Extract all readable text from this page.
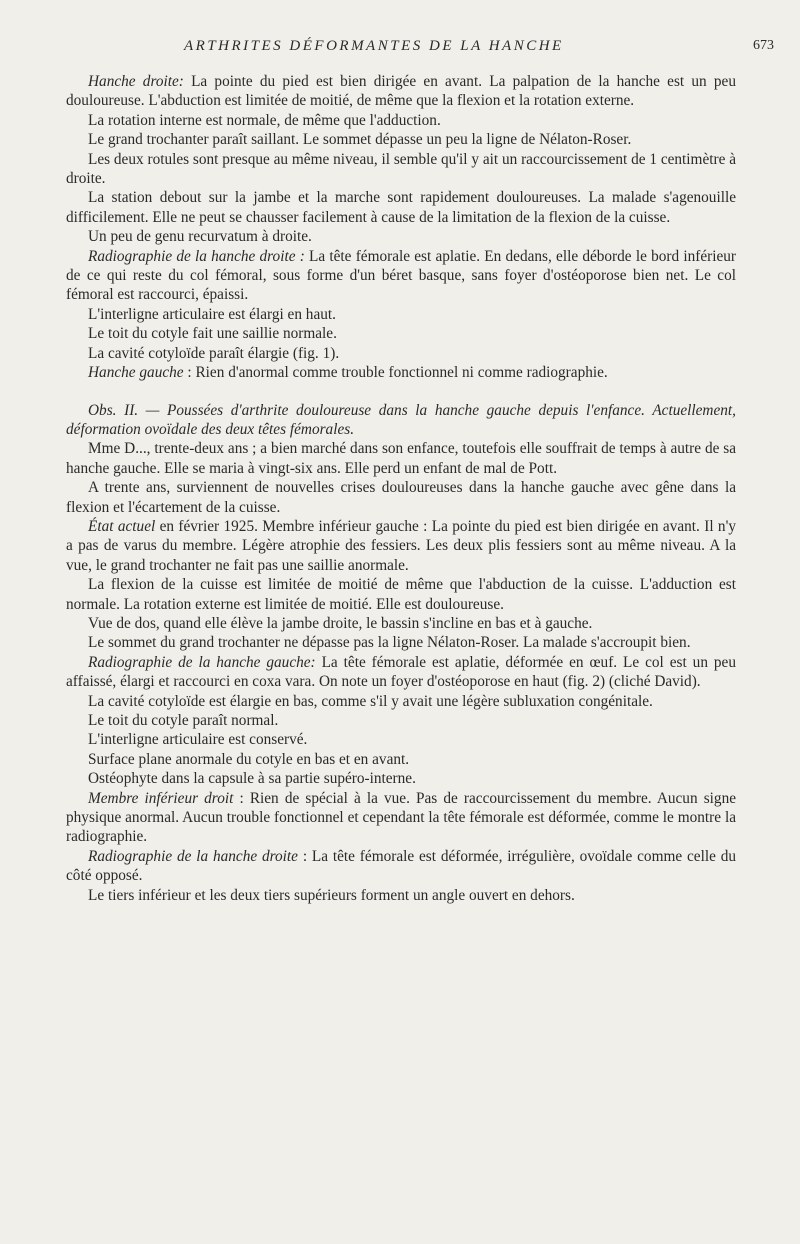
ARTHRITES DÉFORMANTES DE LA HANCHE	673

Hanche droite: La pointe du pied est bien dirigée en avant. La palpation de la hanche est un peu douloureuse. L'abduction est limitée de moitié, de même que la flexion et la rotation externe.

La rotation interne est normale, de même que l'adduction.

Le grand trochanter paraît saillant. Le sommet dépasse un peu la ligne de Nélaton-Roser.

Les deux rotules sont presque au même niveau, il semble qu'il y ait un raccourcissement de 1 centimètre à droite.

La station debout sur la jambe et la marche sont rapidement douloureuses. La malade s'agenouille difficilement. Elle ne peut se chausser facilement à cause de la limitation de la flexion de la cuisse.

Un peu de genu recurvatum à droite.

Radiographie de la hanche droite : La tête fémorale est aplatie. En dedans, elle déborde le bord inférieur de ce qui reste du col fémoral, sous forme d'un béret basque, sans foyer d'ostéoporose bien net. Le col fémoral est raccourci, épaissi.

L'interligne articulaire est élargi en haut.

Le toit du cotyle fait une saillie normale.

La cavité cotyloïde paraît élargie (fig. 1).

Hanche gauche : Rien d'anormal comme trouble fonctionnel ni comme radiographie.

Obs. II. — Poussées d'arthrite douloureuse dans la hanche gauche depuis l'enfance. Actuellement, déformation ovoïdale des deux têtes fémorales.

Mme D..., trente-deux ans ; a bien marché dans son enfance, toutefois elle souffrait de temps à autre de sa hanche gauche. Elle se maria à vingt-six ans. Elle perd un enfant de mal de Pott.

A trente ans, surviennent de nouvelles crises douloureuses dans la hanche gauche avec gêne dans la flexion et l'écartement de la cuisse.

État actuel en février 1925. Membre inférieur gauche : La pointe du pied est bien dirigée en avant. Il n'y a pas de varus du membre. Légère atrophie des fessiers. Les deux plis fessiers sont au même niveau. A la vue, le grand trochanter ne fait pas une saillie anormale.

La flexion de la cuisse est limitée de moitié de même que l'abduction de la cuisse. L'adduction est normale. La rotation externe est limitée de moitié. Elle est douloureuse.

Vue de dos, quand elle élève la jambe droite, le bassin s'incline en bas et à gauche.

Le sommet du grand trochanter ne dépasse pas la ligne Nélaton-Roser. La malade s'accroupit bien.

Radiographie de la hanche gauche: La tête fémorale est aplatie, déformée en œuf. Le col est un peu affaissé, élargi et raccourci en coxa vara. On note un foyer d'ostéoporose en haut (fig. 2) (cliché David).

La cavité cotyloïde est élargie en bas, comme s'il y avait une légère subluxation congénitale.

Le toit du cotyle paraît normal.

L'interligne articulaire est conservé.

Surface plane anormale du cotyle en bas et en avant.

Ostéophyte dans la capsule à sa partie supéro-interne.

Membre inférieur droit : Rien de spécial à la vue. Pas de raccourcissement du membre. Aucun signe physique anormal. Aucun trouble fonctionnel et cependant la tête fémorale est déformée, comme le montre la radiographie.

Radiographie de la hanche droite : La tête fémorale est déformée, irrégulière, ovoïdale comme celle du côté opposé.

Le tiers inférieur et les deux tiers supérieurs forment un angle ouvert en dehors.
